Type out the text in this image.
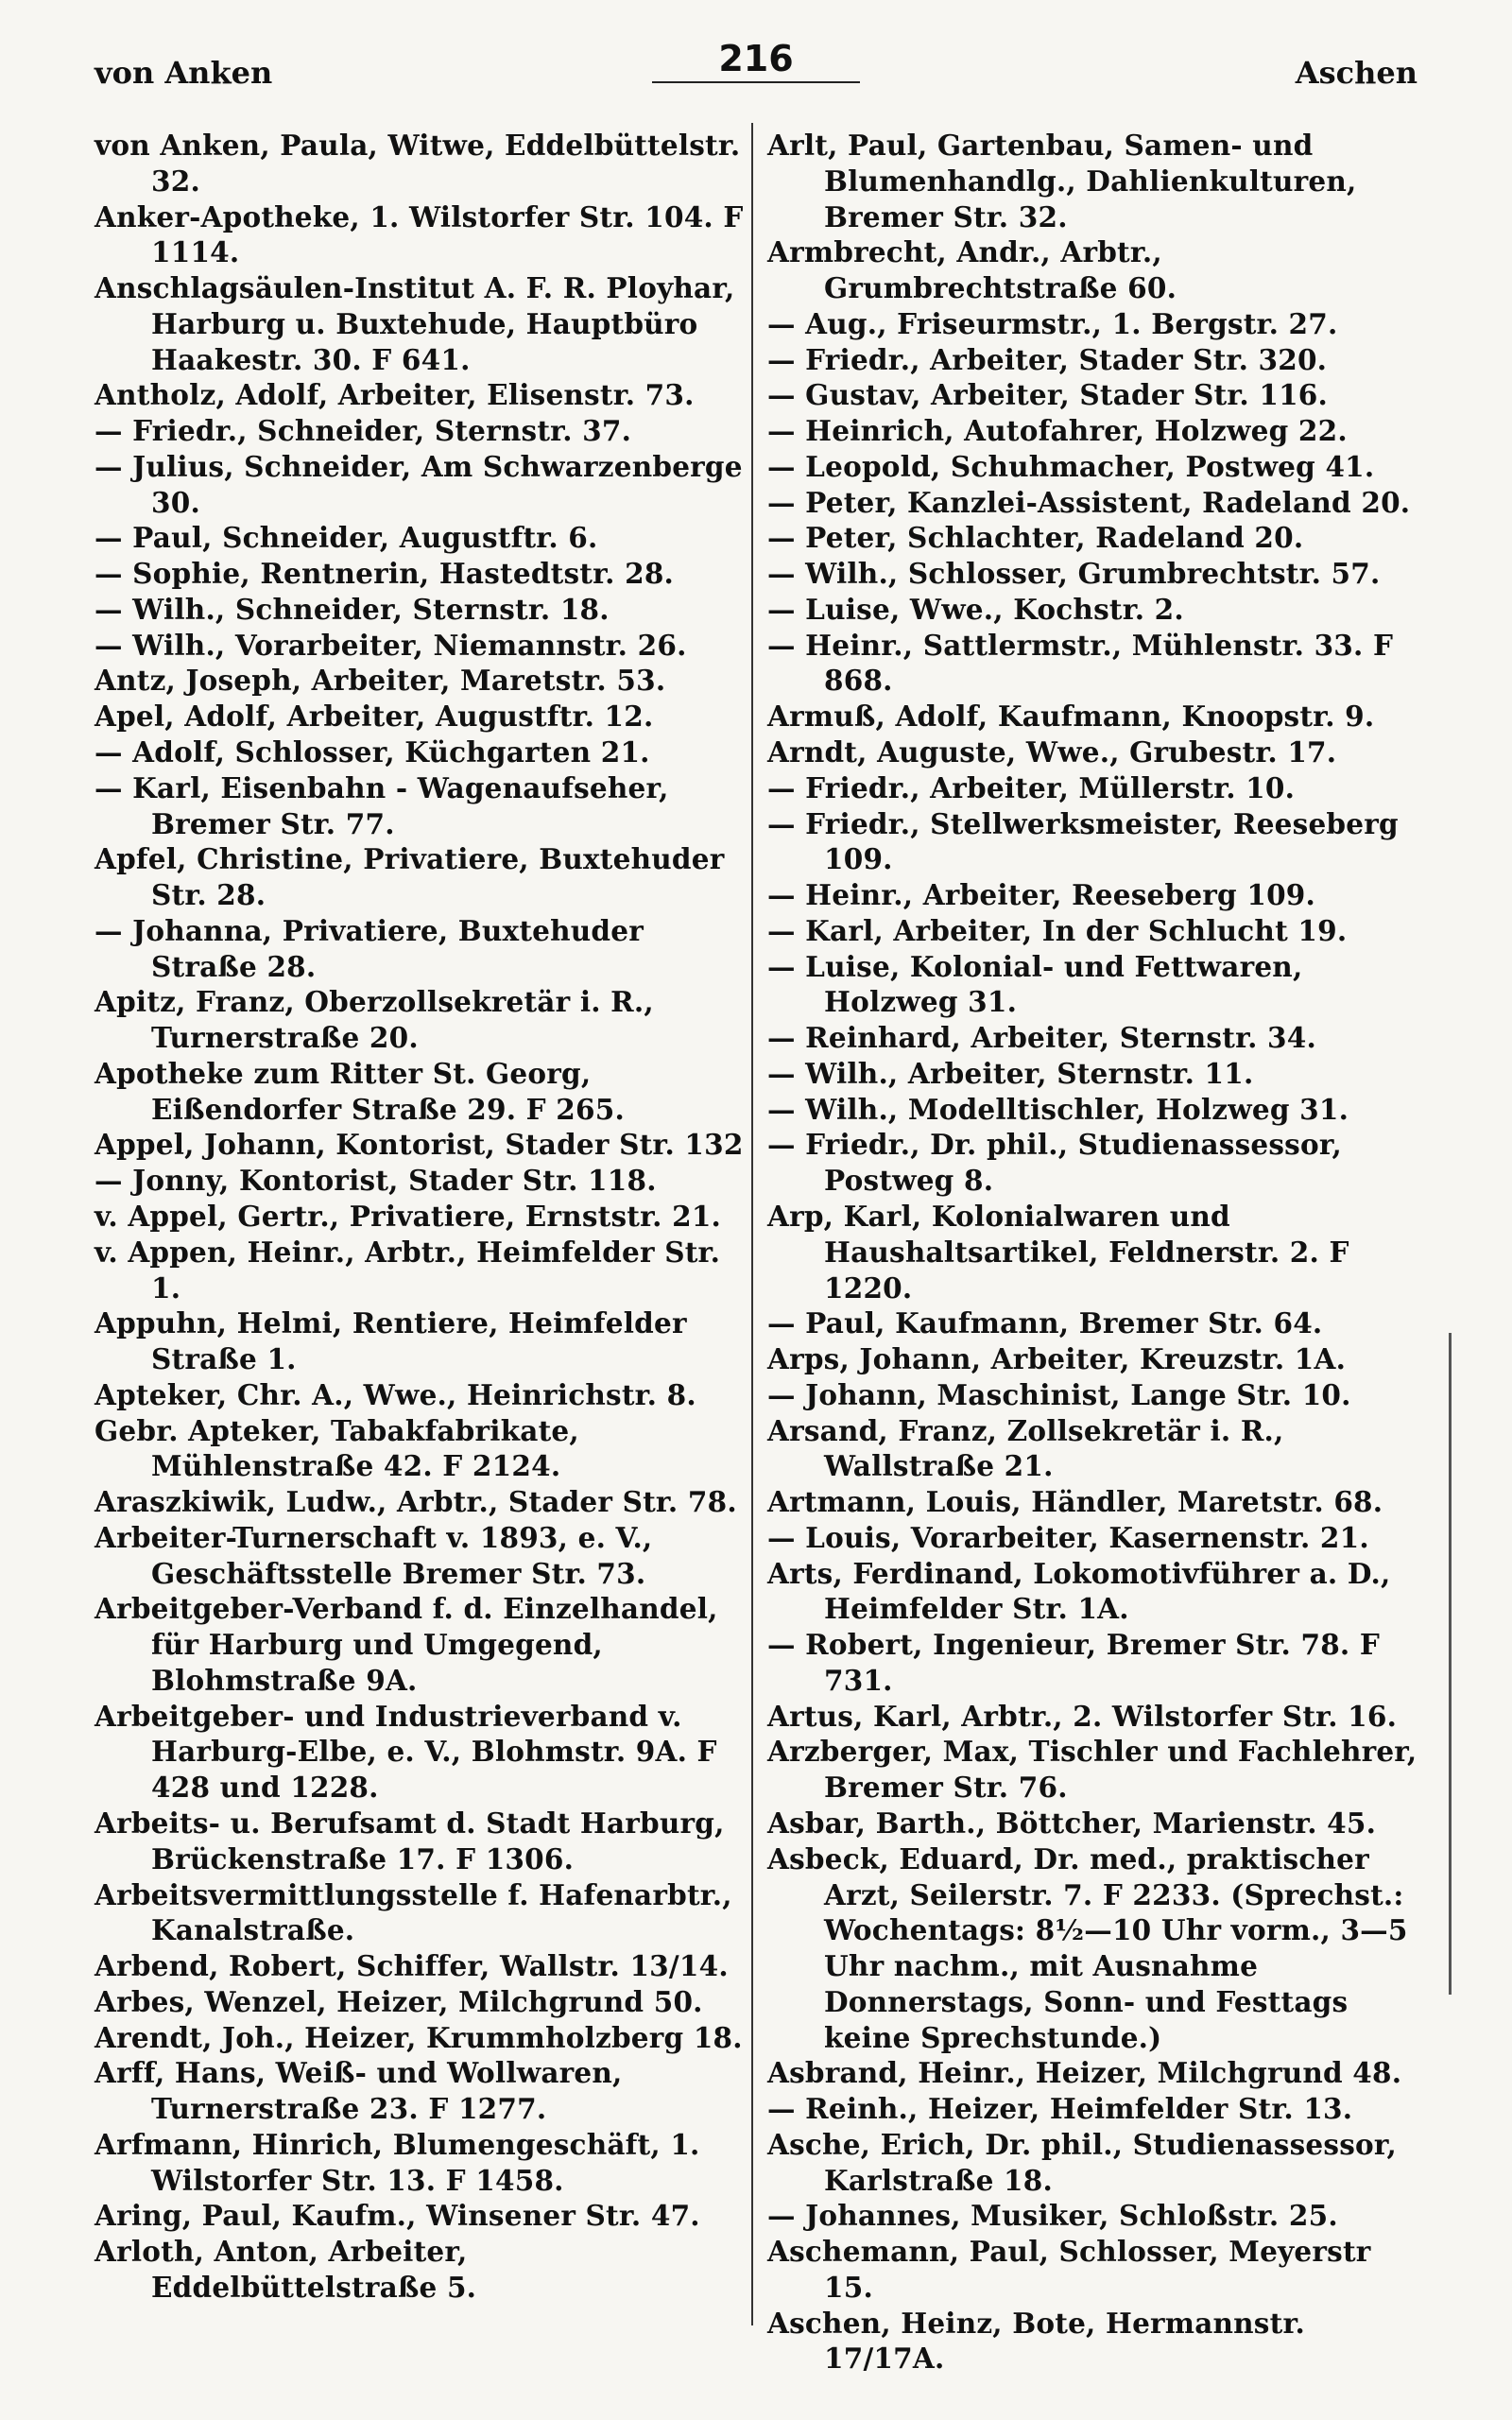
von Anken	216	Aschen

von Anken, Paula, Witwe, Eddelbüttelstr. 32.

Anker-Apotheke, 1. Wilstorfer Str. 104. F 1114.

Anschlagsäulen-Institut A. F. R. Ployhar, Harburg u. Buxtehude, Hauptbüro Haakestr. 30. F 641.

Antholz, Adolf, Arbeiter, Elisenstr. 73.

— Friedr., Schneider, Sternstr. 37.

— Julius, Schneider, Am Schwarzenberge 30.

— Paul, Schneider, Augustftr. 6.

— Sophie, Rentnerin, Hastedtstr. 28.

— Wilh., Schneider, Sternstr. 18.

— Wilh., Vorarbeiter, Niemannstr. 26.

Antz, Joseph, Arbeiter, Maretstr. 53.

Apel, Adolf, Arbeiter, Augustftr. 12.

— Adolf, Schlosser, Küchgarten 21.

— Karl, Eisenbahn - Wagenaufseher, Bremer Str. 77.

Apfel, Christine, Privatiere, Buxtehuder Str. 28.

— Johanna, Privatiere, Buxtehuder Straße 28.

Apitz, Franz, Oberzollsekretär i. R., Turnerstraße 20.

Apotheke zum Ritter St. Georg, Eißendorfer Straße 29. F 265.

Appel, Johann, Kontorist, Stader Str. 132

— Jonny, Kontorist, Stader Str. 118.

v. Appel, Gertr., Privatiere, Ernststr. 21.

v. Appen, Heinr., Arbtr., Heimfelder Str. 1.

Appuhn, Helmi, Rentiere, Heimfelder Straße 1.

Apteker, Chr. A., Wwe., Heinrichstr. 8.

Gebr. Apteker, Tabakfabrikate, Mühlenstraße 42. F 2124.

Araszkiwik, Ludw., Arbtr., Stader Str. 78.

Arbeiter-Turnerschaft v. 1893, e. V., Geschäftsstelle Bremer Str. 73.

Arbeitgeber-Verband f. d. Einzelhandel, für Harburg und Umgegend, Blohmstraße 9A.

Arbeitgeber- und Industrieverband v. Harburg-Elbe, e. V., Blohmstr. 9A. F 428 und 1228.

Arbeits- u. Berufsamt d. Stadt Harburg, Brückenstraße 17. F 1306.

Arbeitsvermittlungsstelle f. Hafenarbtr., Kanalstraße.

Arbend, Robert, Schiffer, Wallstr. 13/14.

Arbes, Wenzel, Heizer, Milchgrund 50.

Arendt, Joh., Heizer, Krummholzberg 18.

Arff, Hans, Weiß- und Wollwaren, Turnerstraße 23. F 1277.

Arfmann, Hinrich, Blumengeschäft, 1. Wilstorfer Str. 13. F 1458.

Aring, Paul, Kaufm., Winsener Str. 47.

Arloth, Anton, Arbeiter, Eddelbüttelstraße 5.

Arlt, Paul, Gartenbau, Samen- und Blumenhandlg., Dahlienkulturen, Bremer Str. 32.

Armbrecht, Andr., Arbtr., Grumbrechtstraße 60.

— Aug., Friseurmstr., 1. Bergstr. 27.

— Friedr., Arbeiter, Stader Str. 320.

— Gustav, Arbeiter, Stader Str. 116.

— Heinrich, Autofahrer, Holzweg 22.

— Leopold, Schuhmacher, Postweg 41.

— Peter, Kanzlei-Assistent, Radeland 20.

— Peter, Schlachter, Radeland 20.

— Wilh., Schlosser, Grumbrechtstr. 57.

— Luise, Wwe., Kochstr. 2.

— Heinr., Sattlermstr., Mühlenstr. 33. F 868.

Armuß, Adolf, Kaufmann, Knoopstr. 9.

Arndt, Auguste, Wwe., Grubestr. 17.

— Friedr., Arbeiter, Müllerstr. 10.

— Friedr., Stellwerksmeister, Reeseberg 109.

— Heinr., Arbeiter, Reeseberg 109.

— Karl, Arbeiter, In der Schlucht 19.

— Luise, Kolonial- und Fettwaren, Holzweg 31.

— Reinhard, Arbeiter, Sternstr. 34.

— Wilh., Arbeiter, Sternstr. 11.

— Wilh., Modelltischler, Holzweg 31.

— Friedr., Dr. phil., Studienassessor, Postweg 8.

Arp, Karl, Kolonialwaren und Haushaltsartikel, Feldnerstr. 2. F 1220.

— Paul, Kaufmann, Bremer Str. 64.

Arps, Johann, Arbeiter, Kreuzstr. 1A.

— Johann, Maschinist, Lange Str. 10.

Arsand, Franz, Zollsekretär i. R., Wallstraße 21.

Artmann, Louis, Händler, Maretstr. 68.

— Louis, Vorarbeiter, Kasernenstr. 21.

Arts, Ferdinand, Lokomotivführer a. D., Heimfelder Str. 1A.

— Robert, Ingenieur, Bremer Str. 78. F 731.

Artus, Karl, Arbtr., 2. Wilstorfer Str. 16.

Arzberger, Max, Tischler und Fachlehrer, Bremer Str. 76.

Asbar, Barth., Böttcher, Marienstr. 45.

Asbeck, Eduard, Dr. med., praktischer Arzt, Seilerstr. 7. F 2233. (Sprechst.: Wochentags: 8½—10 Uhr vorm., 3—5 Uhr nachm., mit Ausnahme Donnerstags, Sonn- und Festtags keine Sprechstunde.)

Asbrand, Heinr., Heizer, Milchgrund 48.

— Reinh., Heizer, Heimfelder Str. 13.

Asche, Erich, Dr. phil., Studienassessor, Karlstraße 18.

— Johannes, Musiker, Schloßstr. 25.

Aschemann, Paul, Schlosser, Meyerstr 15.

Aschen, Heinz, Bote, Hermannstr. 17/17A.
